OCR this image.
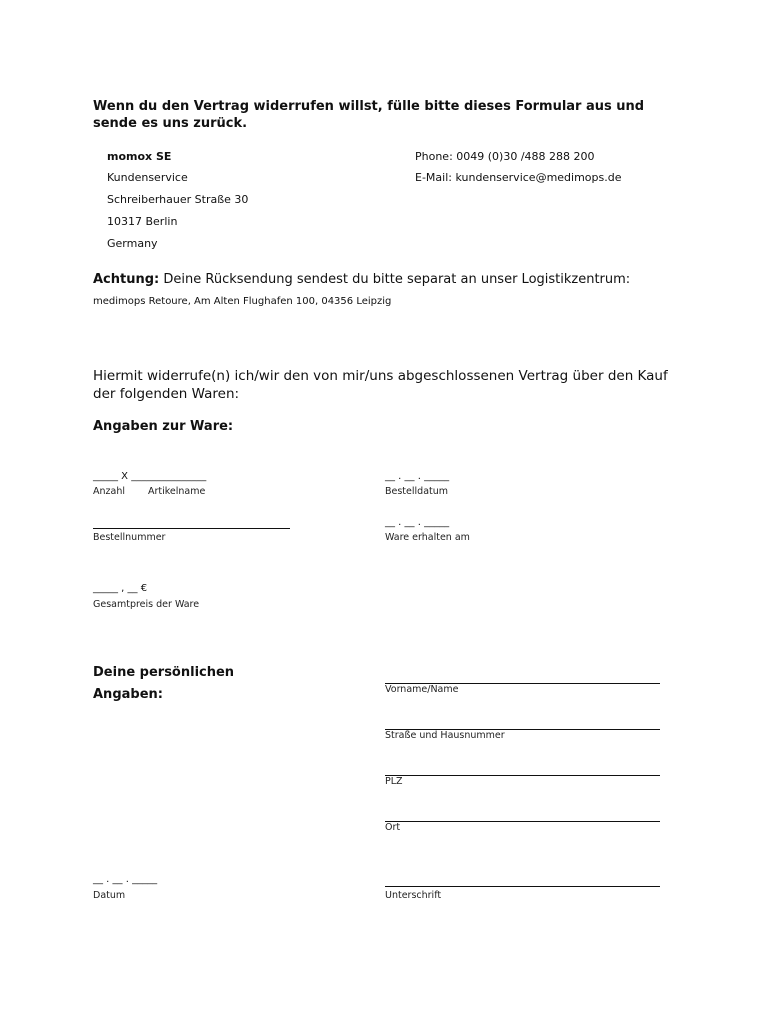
Wenn du den Vertrag widerrufen willst, fülle bitte dieses Formular aus und sende es uns zurück.
momox SE
Kundenservice
Schreiberhauer Straße 30
10317 Berlin
Germany
Phone: 0049 (0)30 /488 288 200
E-Mail: kundenservice@medimops.de
Achtung: Deine Rücksendung sendest du bitte separat an unser Logistikzentrum:
medimops Retoure, Am Alten Flughafen 100, 04356 Leipzig
Hiermit widerrufe(n) ich/wir den von mir/uns abgeschlossenen Vertrag über den Kauf der folgenden Waren:
Angaben zur Ware:
_____ X _______________
Anzahl Artikelname
__ . __ . _____
Bestelldatum
Bestellnummer
__ . __ . _____
Ware erhalten am
_____ , __ €
Gesamtpreis der Ware
Deine persönlichen Angaben:	Vorname/Name
Straße und Hausnummer
PLZ
Ort
__ . __ . _____
Datum	Unterschrift
